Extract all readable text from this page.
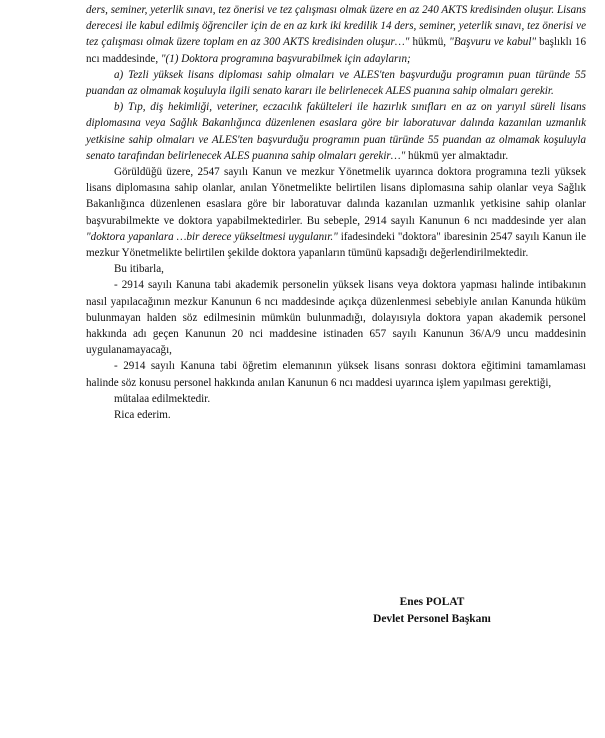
ders, seminer, yeterlik sınavı, tez önerisi ve tez çalışması olmak üzere en az 240 AKTS kredisinden oluşur. Lisans derecesi ile kabul edilmiş öğrenciler için de en az kırk iki kredilik 14 ders, seminer, yeterlik sınavı, tez önerisi ve tez çalışması olmak üzere toplam en az 300 AKTS kredisinden oluşur…" hükmü, "Başvuru ve kabul" başlıklı 16 ncı maddesinde, "(1) Doktora programına başvurabilmek için adayların;

a) Tezli yüksek lisans diploması sahip olmaları ve ALES'ten başvurduğu programın puan türünde 55 puandan az olmamak koşuluyla ilgili senato kararı ile belirlenecek ALES puanına sahip olmaları gerekir.

b) Tıp, diş hekimliği, veteriner, eczacılık fakülteleri ile hazırlık sınıfları en az on yarıyıl süreli lisans diplomasına veya Sağlık Bakanlığınca düzenlenen esaslara göre bir laboratuvar dalında kazanılan uzmanlık yetkisine sahip olmaları ve ALES'ten başvurduğu programın puan türünde 55 puandan az olmamak koşuluyla senato tarafından belirlenecek ALES puanına sahip olmaları gerekir…" hükmü yer almaktadır.

Görüldüğü üzere, 2547 sayılı Kanun ve mezkur Yönetmelik uyarınca doktora programına tezli yüksek lisans diplomasına sahip olanlar, anılan Yönetmelikte belirtilen lisans diplomasına sahip olanlar veya Sağlık Bakanlığınca düzenlenen esaslara göre bir laboratuvar dalında kazanılan uzmanlık yetkisine sahip olanlar başvurabilmekte ve doktora yapabilmektedirler. Bu sebeple, 2914 sayılı Kanunun 6 ncı maddesinde yer alan "doktora yapanlara …bir derece yükseltmesi uygulanır." ifadesindeki "doktora" ibaresinin 2547 sayılı Kanun ile mezkur Yönetmelikte belirtilen şekilde doktora yapanların tümünü kapsadığı değerlendirilmektedir.

Bu itibarla,

- 2914 sayılı Kanuna tabi akademik personelin yüksek lisans veya doktora yapması halinde intibakının nasıl yapılacağının mezkur Kanunun 6 ncı maddesinde açıkça düzenlenmesi sebebiyle anılan Kanunda hüküm bulunmayan halden söz edilmesinin mümkün bulunmadığı, dolayısıyla doktora yapan akademik personel hakkında adı geçen Kanunun 20 nci maddesine istinaden 657 sayılı Kanunun 36/A/9 uncu maddesinin uygulanamayacağı,

- 2914 sayılı Kanuna tabi öğretim elemanının yüksek lisans sonrası doktora eğitimini tamamlaması halinde söz konusu personel hakkında anılan Kanunun 6 ncı maddesi uyarınca işlem yapılması gerektiği,

mütalaa edilmektedir.

Rica ederim.

Enes POLAT
Devlet Personel Başkanı
